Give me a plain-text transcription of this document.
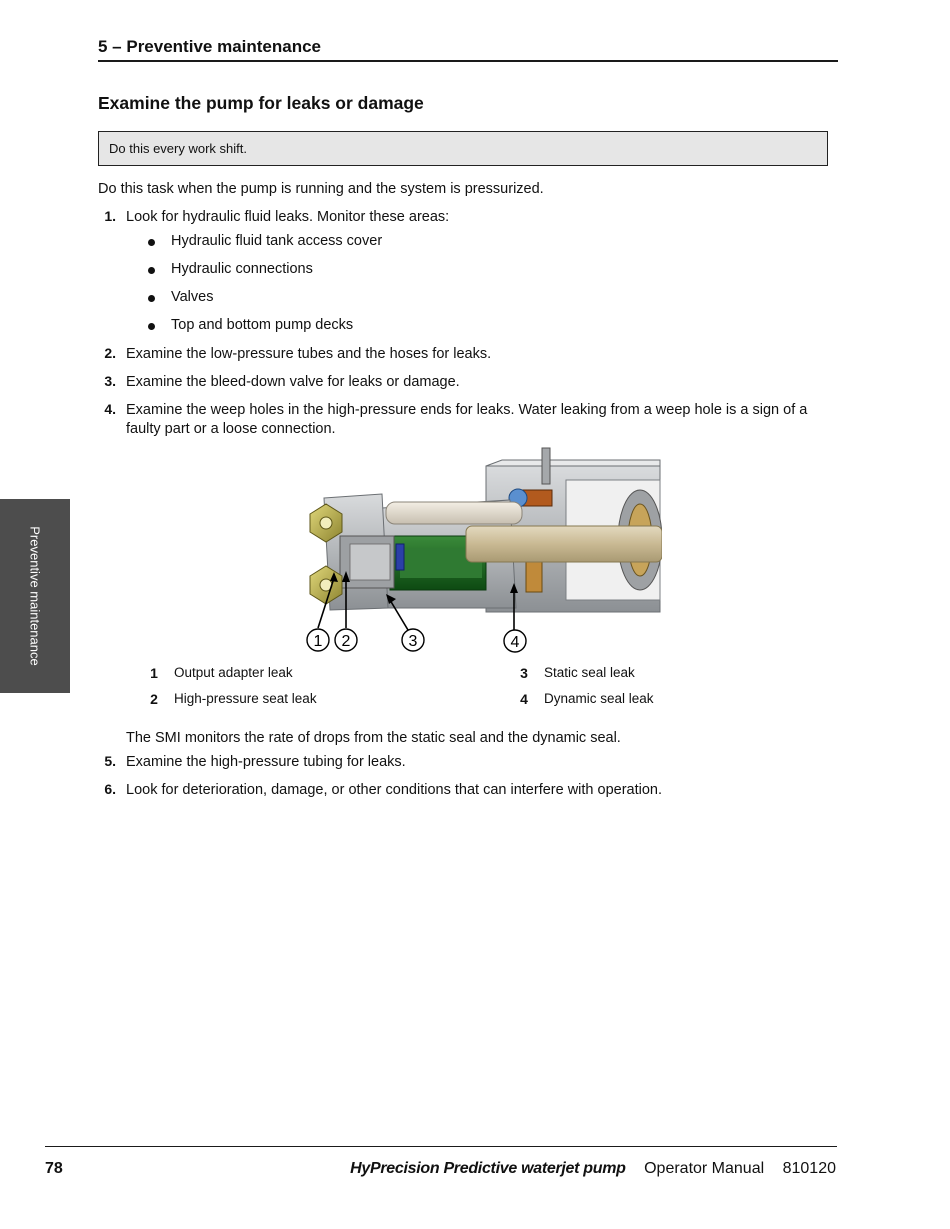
5 – Preventive maintenance
Examine the pump for leaks or damage
Do this every work shift.
Do this task when the pump is running and the system is pressurized.
1. Look for hydraulic fluid leaks. Monitor these areas:
Hydraulic fluid tank access cover
Hydraulic connections
Valves
Top and bottom pump decks
2. Examine the low-pressure tubes and the hoses for leaks.
3. Examine the bleed-down valve for leaks or damage.
4. Examine the weep holes in the high-pressure ends for leaks. Water leaking from a weep hole is a sign of a
faulty part or a loose connection.
1 2	3	4
1 Output adapter leak
2 High-pressure seat leak
3 Static seal leak
4 Dynamic seal leak
The SMI monitors the rate of drops from the static seal and the dynamic seal.
5. Examine the high-pressure tubing for leaks.
6. Look for deterioration, damage, or other conditions that can interfere with operation.
Preventive maintenance
78	HyPrecision Predictive waterjet pump Operator Manual 810120
